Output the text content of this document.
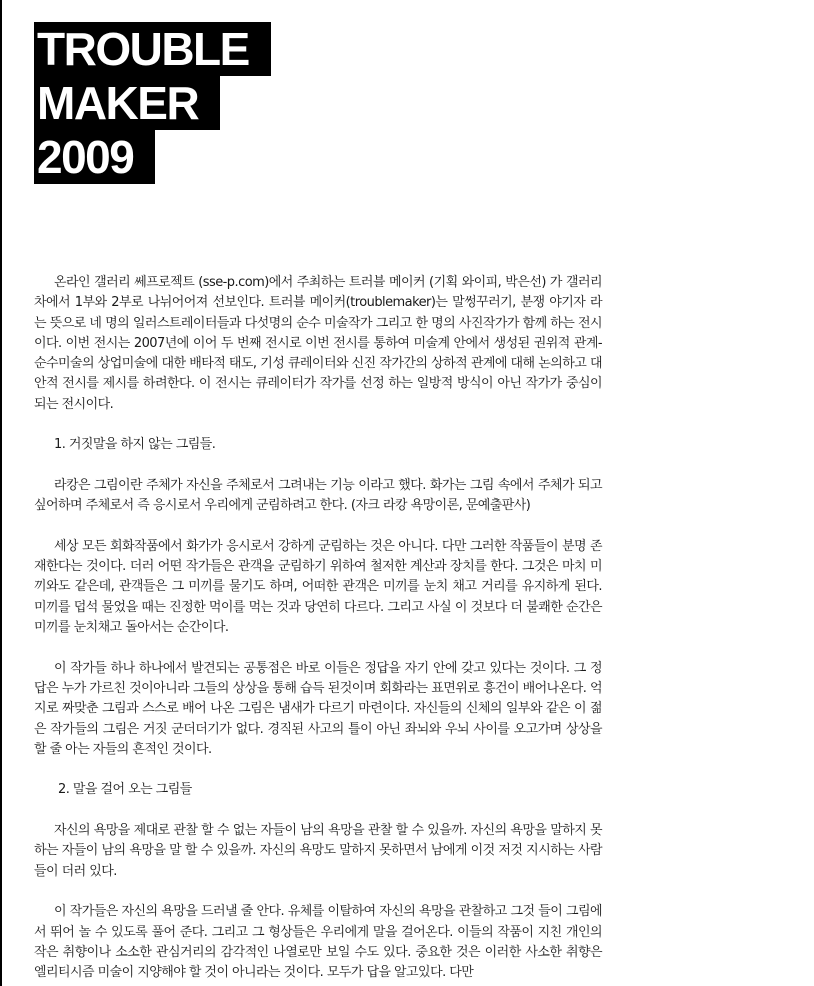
TROUBLE
MAKER
2009

온라인 갤러리 쎄프로젝트 (sse-p.com)에서 주최하는 트러블 메이커 (기획 와이피, 박은선) 가 갤러리 차에서 1부와 2부로 나뉘어어져 선보인다. 트러블 메이커(troublemaker)는 말썽꾸러기, 분쟁 야기자 라는 뜻으로 네 명의 일러스트레이터들과 다섯명의 순수 미술작가 그리고 한 명의 사진작가가 함께 하는 전시이다. 이번 전시는 2007년에 이어 두 번째 전시로 이번 전시를 통하여 미술계 안에서 생성된 권위적 관계-순수미술의 상업미술에 대한 배타적 태도, 기성 큐레이터와 신진 작가간의 상하적 관계에 대해 논의하고 대안적 전시를 제시를 하려한다. 이 전시는 큐레이터가 작가를 선정 하는 일방적 방식이 아닌 작가가 중심이 되는 전시이다.

1. 거짓말을 하지 않는 그림들.

라캉은 그림이란 주체가 자신을 주체로서 그려내는 기능 이라고 했다. 화가는 그림 속에서 주체가 되고 싶어하며 주체로서 즉 응시로서 우리에게 군림하려고 한다. (자크 라캉 욕망이론, 문예출판사)

세상 모든 회화작품에서 화가가 응시로서 강하게 군림하는 것은 아니다. 다만 그러한 작품들이 분명 존재한다는 것이다. 더러 어떤 작가들은 관객을 군림하기 위하여 철저한 계산과 장치를 한다. 그것은 마치 미끼와도 같은데, 관객들은 그 미끼를 물기도 하며, 어떠한 관객은 미끼를 눈치 채고 거리를 유지하게 된다. 미끼를 덥석 물었을 때는 진정한 먹이를 먹는 것과 당연히 다르다. 그리고 사실 이 것보다 더 불쾌한 순간은 미끼를 눈치채고 돌아서는 순간이다.

이 작가들 하나 하나에서 발견되는 공통점은 바로 이들은 정답을 자기 안에 갖고 있다는 것이다. 그 정답은 누가 가르친 것이아니라 그들의 상상을 통해 습득 된것이며 회화라는 표면위로 흥건이 배어나온다. 억지로 짜맞춘 그림과 스스로 배어 나온 그림은 냄새가 다르기 마련이다. 자신들의 신체의 일부와 같은 이 젊은 작가들의 그림은 거짓 군더더기가 없다. 경직된 사고의 틀이 아닌 좌뇌와 우뇌 사이를 오고가며 상상을 할 줄 아는 자들의 흔적인 것이다.

2. 말을 걸어 오는 그림들

자신의 욕망을 제대로 관찰 할 수 없는 자들이 남의 욕망을 관찰 할 수 있을까. 자신의 욕망을 말하지 못하는 자들이 남의 욕망을 말 할 수 있을까. 자신의 욕망도 말하지 못하면서 남에게 이것 저것 지시하는 사람들이 더러 있다.

이 작가들은 자신의 욕망을 드러낼 줄 안다. 유체를 이탈하여 자신의 욕망을 관찰하고 그것 들이 그림에서 뛰어 놀 수 있도록 풀어 준다. 그리고 그 형상들은 우리에게 말을 걸어온다. 이들의 작품이 지친 개인의 작은 취향이나 소소한 관심거리의 감각적인 나열로만 보일 수도 있다. 중요한 것은 이러한 사소한 취향은 엘리티시즘 미술이 지양해야 할 것이 아니라는 것이다. 모두가 답을 알고있다. 다만
